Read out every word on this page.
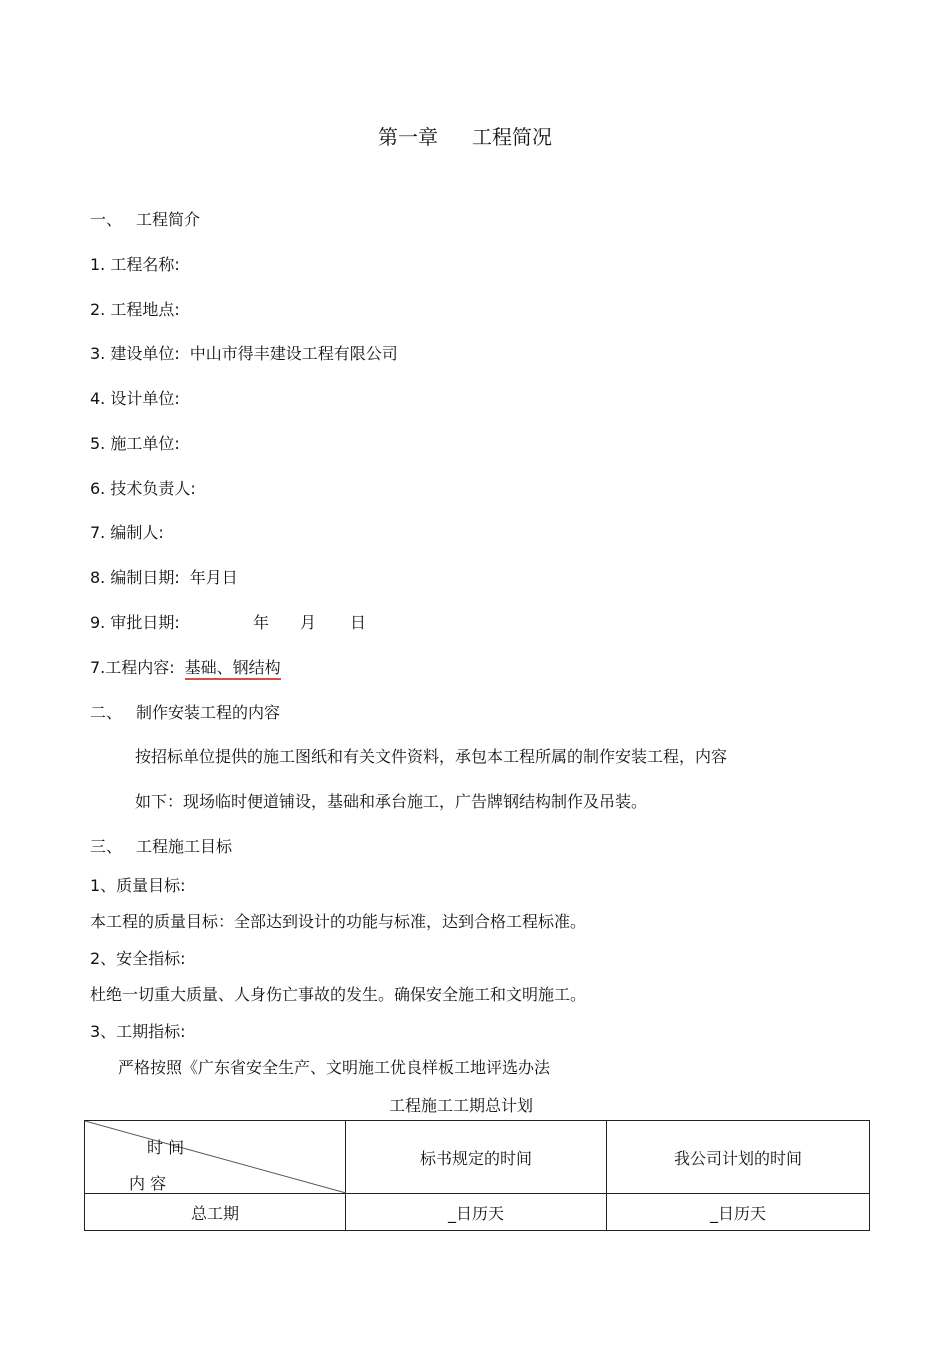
第一章 工程简况
一、 工程简介
1. 工程名称:
2. 工程地点:
3. 建设单位: 中山市得丰建设工程有限公司
4. 设计单位:
5. 施工单位:
6. 技术负责人:
7. 编制人:
8. 编制日期: 年月日
9. 审批日期:	年 月 日
7.工程内容: 基础、钢结构
二、 制作安装工程的内容
按招标单位提供的施工图纸和有关文件资料，承包本工程所属的制作安装工程，内容
如下：现场临时便道铺设，基础和承台施工，广告牌钢结构制作及吊装。
三、 工程施工目标
1、质量目标:
本工程的质量目标：全部达到设计的功能与标准，达到合格工程标准。
2、安全指标:
杜绝一切重大质量、人身伤亡事故的发生。确保安全施工和文明施工。
3、工期指标:
严格按照《广东省安全生产、文明施工优良样板工地评选办法
工程施工工期总计划
时 间
内 容	标书规定的时间	我公司计划的时间
总工期	_日历天	_日历天
